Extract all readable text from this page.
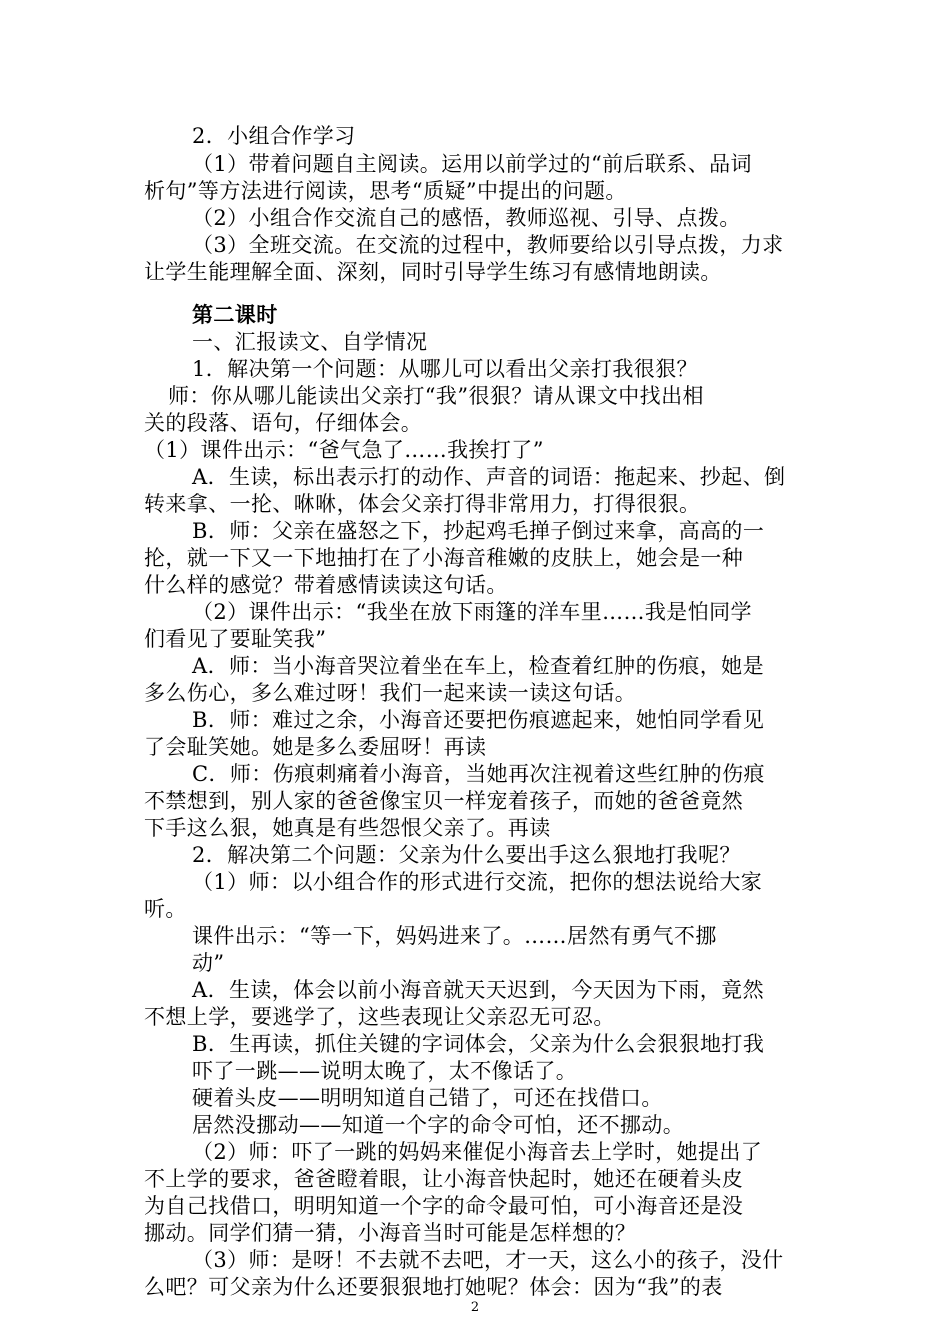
2．小组合作学习
（1）带着问题自主阅读。运用以前学过的“前后联系、品词
析句”等方法进行阅读，思考“质疑”中提出的问题。
（2）小组合作交流自己的感悟，教师巡视、引导、点拨。
（3）全班交流。在交流的过程中，教师要给以引导点拨，力求
让学生能理解全面、深刻，同时引导学生练习有感情地朗读。
第二课时
一、汇报读文、自学情况
1．解决第一个问题：从哪儿可以看出父亲打我很狠？
师：你从哪儿能读出父亲打“我”很狠？请从课文中找出相
关的段落、语句，仔细体会。
（1）课件出示：“爸气急了……我挨打了”
A．生读，标出表示打的动作、声音的词语：拖起来、抄起、倒
转来拿、一抡、咻咻，体会父亲打得非常用力，打得很狠。
B．师：父亲在盛怒之下，抄起鸡毛掸子倒过来拿，高高的一
抡，就一下又一下地抽打在了小海音稚嫩的皮肤上，她会是一种
什么样的感觉？带着感情读读这句话。
（2）课件出示：“我坐在放下雨篷的洋车里……我是怕同学
们看见了要耻笑我”
A．师：当小海音哭泣着坐在车上，检查着红肿的伤痕，她是
多么伤心，多么难过呀！我们一起来读一读这句话。
B．师：难过之余，小海音还要把伤痕遮起来，她怕同学看见
了会耻笑她。她是多么委屈呀！再读
C．师：伤痕刺痛着小海音，当她再次注视着这些红肿的伤痕
不禁想到，别人家的爸爸像宝贝一样宠着孩子，而她的爸爸竟然
下手这么狠，她真是有些怨恨父亲了。再读
2．解决第二个问题：父亲为什么要出手这么狠地打我呢？
（1）师：以小组合作的形式进行交流，把你的想法说给大家
听。
课件出示：“等一下，妈妈进来了。……居然有勇气不挪
动”
A．生读，体会以前小海音就天天迟到，今天因为下雨，竟然
不想上学，要逃学了，这些表现让父亲忍无可忍。
B．生再读，抓住关键的字词体会，父亲为什么会狠狠地打我
吓了一跳——说明太晚了，太不像话了。
硬着头皮——明明知道自己错了，可还在找借口。
居然没挪动——知道一个字的命令可怕，还不挪动。
（2）师：吓了一跳的妈妈来催促小海音去上学时，她提出了
不上学的要求，爸爸瞪着眼，让小海音快起时，她还在硬着头皮
为自己找借口，明明知道一个字的命令最可怕，可小海音还是没
挪动。同学们猜一猜，小海音当时可能是怎样想的？
（3）师：是呀！不去就不去吧，才一天，这么小的孩子，没什
么吧？可父亲为什么还要狠狠地打她呢？体会：因为“我”的表
2
